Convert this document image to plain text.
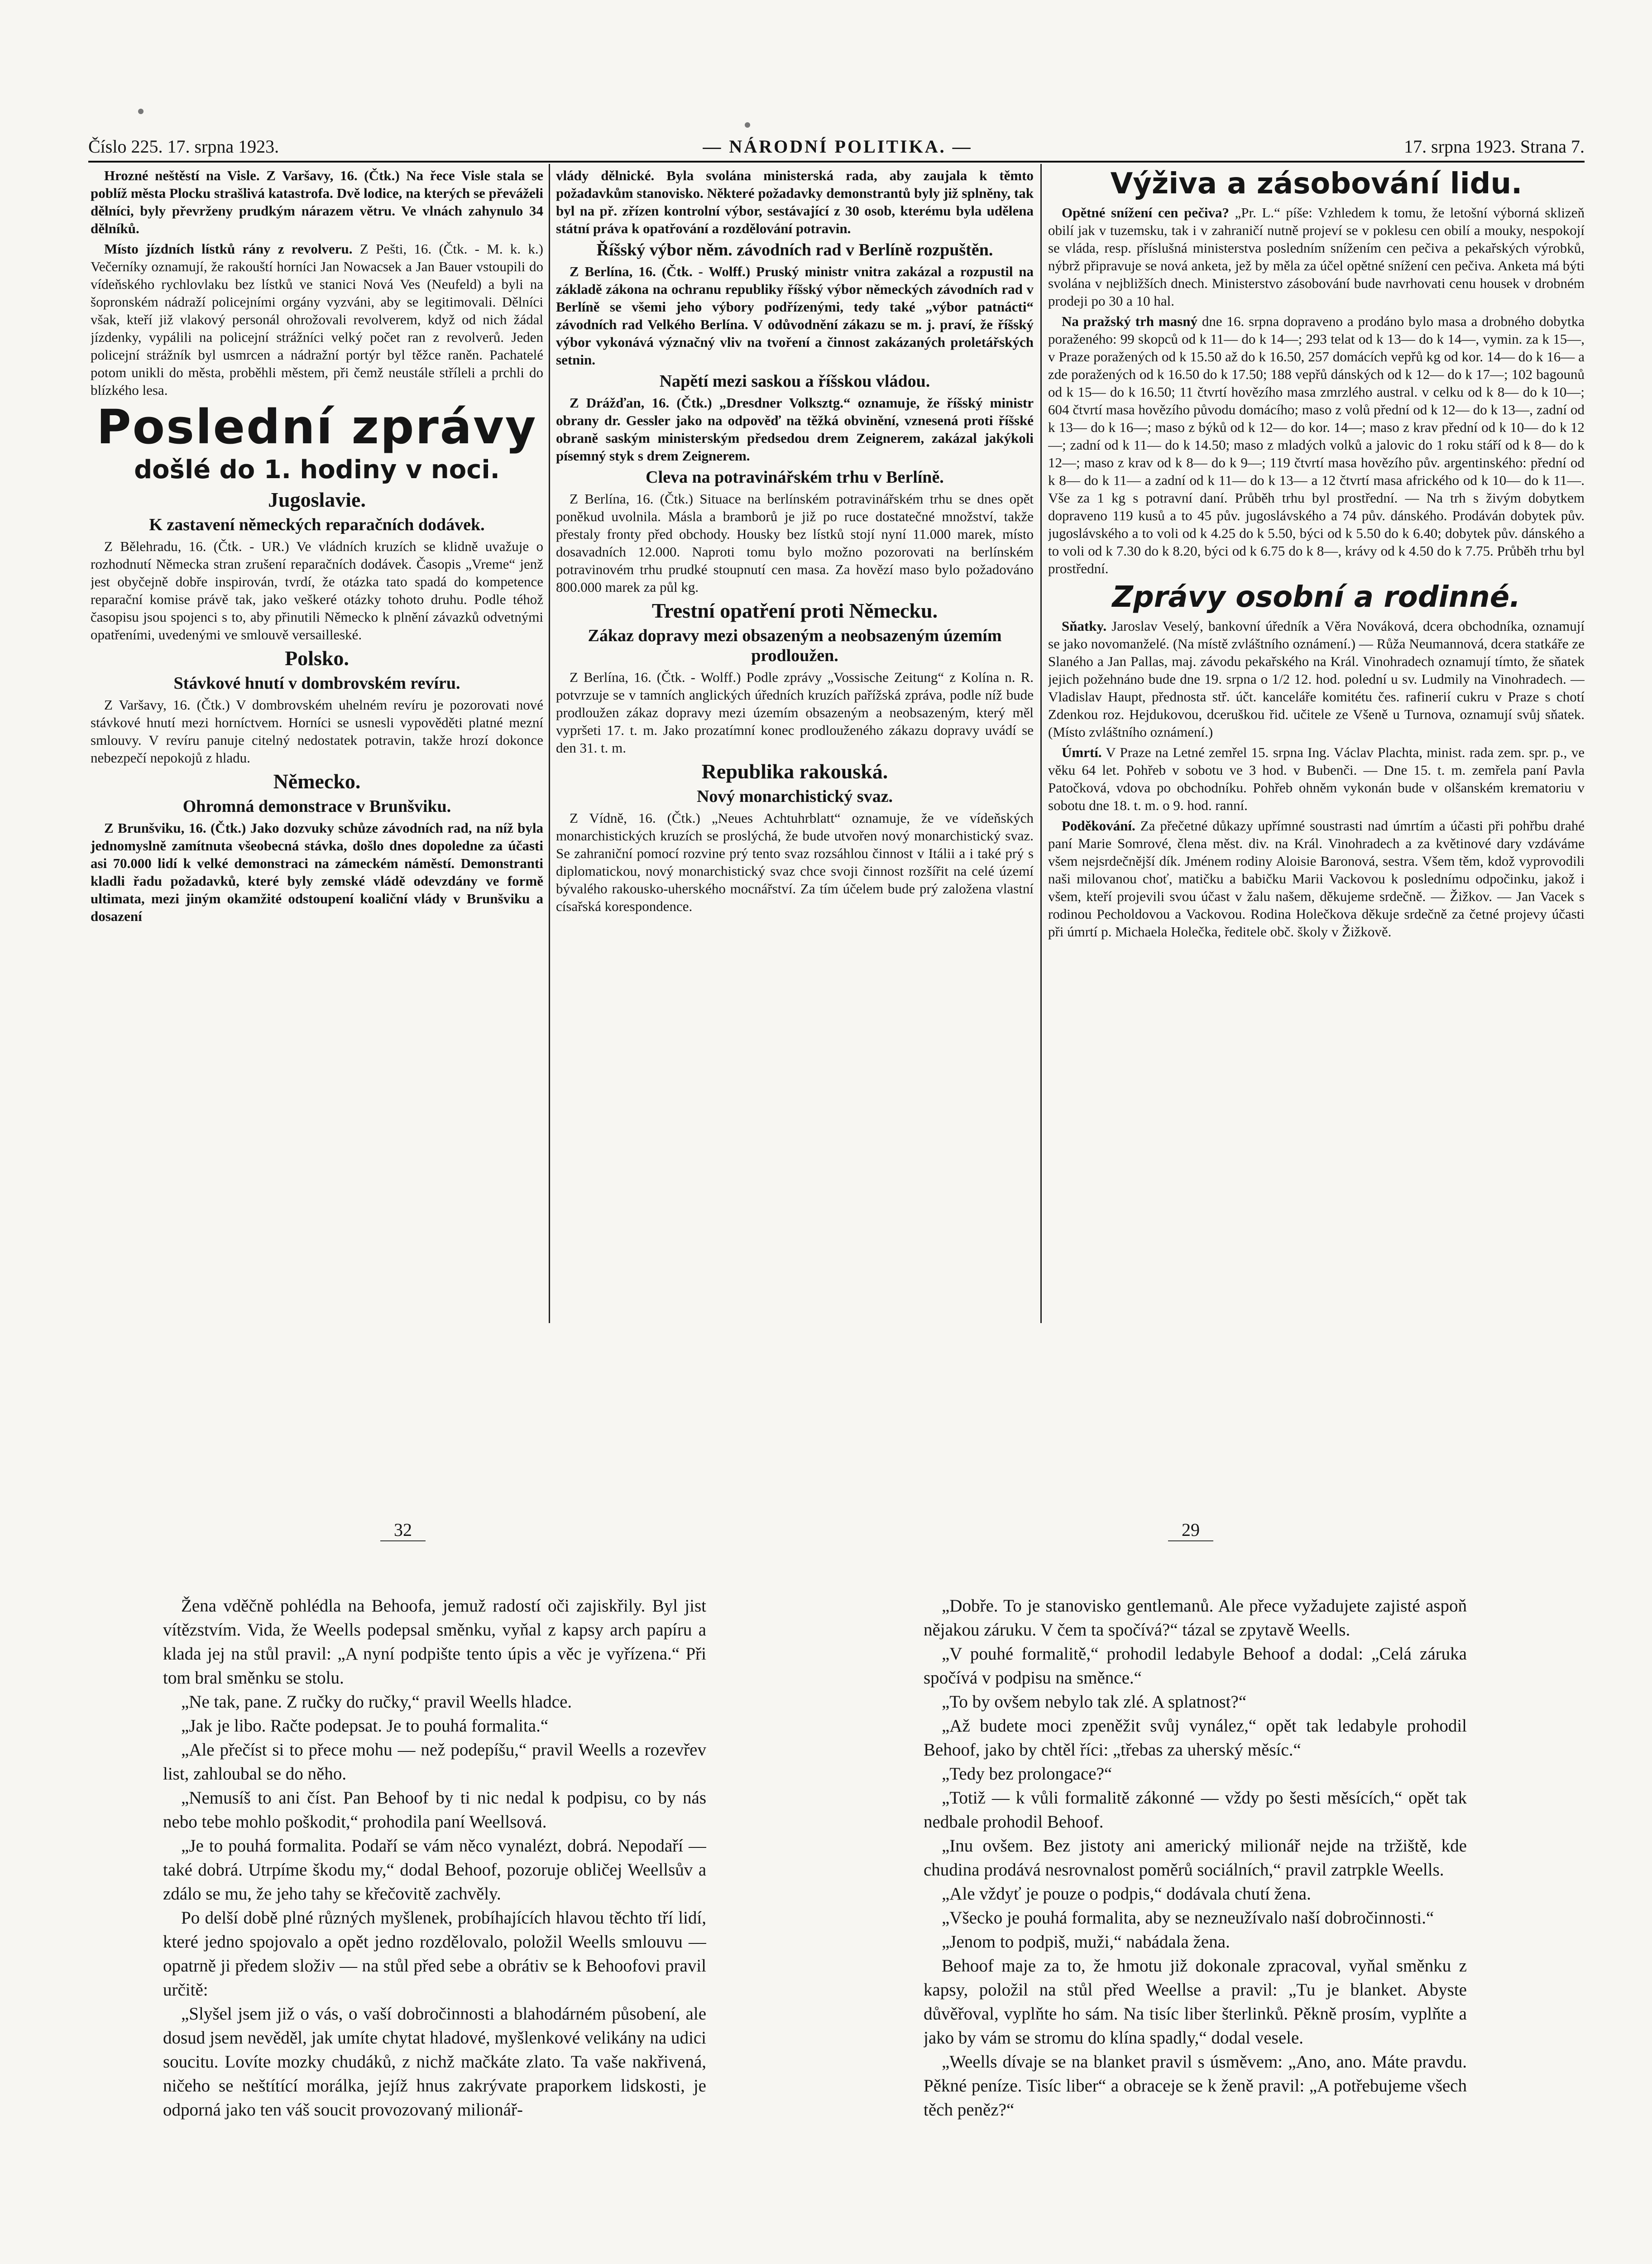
Číslo 225. 17. srpna 1923.	— NÁRODNÍ POLITIKA. —	17. srpna 1923. Strana 7.

Hrozné neštěstí na Visle. Z Varšavy, 16. (Čtk.) Na řece Visle stala se poblíž města Plocku strašlivá katastrofa. Dvě lodice, na kterých se převáželi dělníci, byly převrženy prudkým nárazem větru. Ve vlnách zahynulo 34 dělníků.

Místo jízdních lístků rány z revolveru. Z Pešti, 16. (Čtk. - M. k. k.) Večerníky oznamují, že rakouští horníci Jan Nowacsek a Jan Bauer vstoupili do vídeňského rychlovlaku bez lístků ve stanici Nová Ves (Neufeld) a byli na šopronském nádraží policejními orgány vyzváni, aby se legitimovali. Dělníci však, kteří již vlakový personál ohrožovali revolverem, když od nich žádal jízdenky, vypálili na policejní strážníci velký počet ran z revolverů. Jeden policejní strážník byl usmrcen a nádražní portýr byl těžce raněn. Pachatelé potom unikli do města, proběhli městem, při čemž neustále stříleli a prchli do blízkého lesa.

Poslední zprávy

došlé do 1. hodiny v noci.

Jugoslavie.

K zastavení německých reparačních dodávek.

Z Bělehradu, 16. (Čtk. - UR.) Ve vládních kruzích se klidně uvažuje o rozhodnutí Německa stran zrušení reparačních dodávek. Časopis „Vreme“ jenž jest obyčejně dobře inspirován, tvrdí, že otázka tato spadá do kompetence reparační komise právě tak, jako veškeré otázky tohoto druhu. Podle téhož časopisu jsou spojenci s to, aby přinutili Německo k plnění závazků odvetnými opatřeními, uvedenými ve smlouvě versailleské.

Polsko.

Stávkové hnutí v dombrovském revíru.

Z Varšavy, 16. (Čtk.) V dombrovském uhelném revíru je pozorovati nové stávkové hnutí mezi horníctvem. Horníci se usnesli vypověděti platné mezní smlouvy. V revíru panuje citelný nedostatek potravin, takže hrozí dokonce nebezpečí nepokojů z hladu.

Německo.

Ohromná demonstrace v Brunšviku.

Z Brunšviku, 16. (Čtk.) Jako dozvuky schůze závodních rad, na níž byla jednomyslně zamítnuta všeobecná stávka, došlo dnes dopoledne za účasti asi 70.000 lidí k velké demonstraci na zámeckém náměstí. Demonstranti kladli řadu požadavků, které byly zemské vládě odevzdány ve formě ultimata, mezi jiným okamžité odstoupení koaliční vlády v Brunšviku a dosazení

vlády dělnické. Byla svolána ministerská rada, aby zaujala k těmto požadavkům stanovisko. Některé požadavky demonstrantů byly již splněny, tak byl na př. zřízen kontrolní výbor, sestávající z 30 osob, kterému byla udělena státní práva k opatřování a rozdělování potravin.

Říšský výbor něm. závodních rad v Berlíně rozpuštěn.

Z Berlína, 16. (Čtk. - Wolff.) Pruský ministr vnitra zakázal a rozpustil na základě zákona na ochranu republiky říšský výbor německých závodních rad v Berlíně se všemi jeho výbory podřízenými, tedy také „výbor patnácti“ závodních rad Velkého Berlína. V odůvodnění zákazu se m. j. praví, že říšský výbor vykonává význačný vliv na tvoření a činnost zakázaných proletářských setnin.

Napětí mezi saskou a říšskou vládou.

Z Drážďan, 16. (Čtk.) „Dresdner Volksztg.“ oznamuje, že říšský ministr obrany dr. Gessler jako na odpověď na těžká obvinění, vznesená proti říšské obraně saským ministerským předsedou drem Zeignerem, zakázal jakýkoli písemný styk s drem Zeignerem.

Cleva na potravinářském trhu v Berlíně.

Z Berlína, 16. (Čtk.) Situace na berlínském potravinářském trhu se dnes opět poněkud uvolnila. Másla a bramborů je již po ruce dostatečné množství, takže přestaly fronty před obchody. Housky bez lístků stojí nyní 11.000 marek, místo dosavadních 12.000. Naproti tomu bylo možno pozorovati na berlínském potravinovém trhu prudké stoupnutí cen masa. Za hovězí maso bylo požadováno 800.000 marek za půl kg.

Trestní opatření proti Německu.

Zákaz dopravy mezi obsazeným a neobsazeným územím prodloužen.

Z Berlína, 16. (Čtk. - Wolff.) Podle zprávy „Vossische Zeitung“ z Kolína n. R. potvrzuje se v tamních anglických úředních kruzích pařížská zpráva, podle níž bude prodloužen zákaz dopravy mezi územím obsazeným a neobsazeným, který měl vypršeti 17. t. m. Jako prozatímní konec prodlouženého zákazu dopravy uvádí se den 31. t. m.

Republika rakouská.

Nový monarchistický svaz.

Z Vídně, 16. (Čtk.) „Neues Achtuhrblatt“ oznamuje, že ve vídeňských monarchistických kruzích se proslýchá, že bude utvořen nový monarchistický svaz. Se zahraniční pomocí rozvine prý tento svaz rozsáhlou činnost v Itálii a i také prý s diplomatickou, nový monarchistický svaz chce svoji činnost rozšířit na celé území bývalého rakousko-uherského mocnářství. Za tím účelem bude prý založena vlastní císařská korespondence.

Výživa a zásobování lidu.

Opětné snížení cen pečiva? „Pr. L.“ píše: Vzhledem k tomu, že letošní výborná sklizeň obilí jak v tuzemsku, tak i v zahraničí nutně projeví se v poklesu cen obilí a mouky, nespokojí se vláda, resp. příslušná ministerstva posledním snížením cen pečiva a pekařských výrobků, nýbrž připravuje se nová anketa, jež by měla za účel opětné snížení cen pečiva. Anketa má býti svolána v nejbližších dnech. Ministerstvo zásobování bude navrhovati cenu housek v drobném prodeji po 30 a 10 hal.

Na pražský trh masný dne 16. srpna dopraveno a prodáno bylo masa a drobného dobytka poraženého: 99 skopců od k 11— do k 14—; 293 telat od k 13— do k 14—, vymin. za k 15—, v Praze poražených od k 15.50 až do k 16.50, 257 domácích vepřů kg od kor. 14— do k 16— a zde poražených od k 16.50 do k 17.50; 188 vepřů dánských od k 12— do k 17—; 102 bagounů od k 15— do k 16.50; 11 čtvrtí hovězího masa zmrzlého austral. v celku od k 8— do k 10—; 604 čtvrtí masa hovězího původu domácího; maso z volů přední od k 12— do k 13—, zadní od k 13— do k 16—; maso z býků od k 12— do kor. 14—; maso z krav přední od k 10— do k 12—; zadní od k 11— do k 14.50; maso z mladých volků a jalovic do 1 roku stáří od k 8— do k 12—; maso z krav od k 8— do k 9—; 119 čtvrtí masa hovězího pův. argentinského: přední od k 8— do k 11— a zadní od k 11— do k 13— a 12 čtvrtí masa afrického od k 10— do k 11—. Vše za 1 kg s potravní daní. Průběh trhu byl prostřední. — Na trh s živým dobytkem dopraveno 119 kusů a to 45 pův. jugoslávského a 74 pův. dánského. Prodáván dobytek pův. jugoslávského a to voli od k 4.25 do k 5.50, býci od k 5.50 do k 6.40; dobytek pův. dánského a to voli od k 7.30 do k 8.20, býci od k 6.75 do k 8—, krávy od k 4.50 do k 7.75. Průběh trhu byl prostřední.

Zprávy osobní a rodinné.

Sňatky. Jaroslav Veselý, bankovní úředník a Věra Nováková, dcera obchodníka, oznamují se jako novomanželé. (Na místě zvláštního oznámení.) — Růža Neumannová, dcera statkáře ze Slaného a Jan Pallas, maj. závodu pekařského na Král. Vinohradech oznamují tímto, že sňatek jejich požehnáno bude dne 19. srpna o 1/2 12. hod. polední u sv. Ludmily na Vinohradech. — Vladislav Haupt, přednosta stř. účt. kanceláře komitétu čes. rafinerií cukru v Praze s chotí Zdenkou roz. Hejdukovou, dceruškou řid. učitele ze Všeně u Turnova, oznamují svůj sňatek. (Místo zvláštního oznámení.)

Úmrtí. V Praze na Letné zemřel 15. srpna Ing. Václav Plachta, minist. rada zem. spr. p., ve věku 64 let. Pohřeb v sobotu ve 3 hod. v Bubenči. — Dne 15. t. m. zemřela paní Pavla Patočková, vdova po obchodníku. Pohřeb ohněm vykonán bude v olšanském krematoriu v sobotu dne 18. t. m. o 9. hod. ranní.

Poděkování. Za přečetné důkazy upřímné soustrasti nad úmrtím a účasti při pohřbu drahé paní Marie Somrové, člena měst. div. na Král. Vinohradech a za květinové dary vzdáváme všem nejsrdečnější dík. Jménem rodiny Aloisie Baronová, sestra. Všem těm, kdož vyprovodili naši milovanou choť, matičku a babičku Marii Vackovou k poslednímu odpočinku, jakož i všem, kteří projevili svou účast v žalu našem, děkujeme srdečně. — Žižkov. — Jan Vacek s rodinou Pecholdovou a Vackovou. Rodina Holečkova děkuje srdečně za četné projevy účasti při úmrtí p. Michaela Holečka, ředitele obč. školy v Žižkově.

32	29

Žena vděčně pohlédla na Behoofa, jemuž radostí oči zajiskřily. Byl jist vítězstvím. Vida, že Weells podepsal směnku, vyňal z kapsy arch papíru a klada jej na stůl pravil: „A nyní podpište tento úpis a věc je vyřízena.“ Při tom bral směnku se stolu.

„Ne tak, pane. Z ručky do ručky,“ pravil Weells hladce.

„Jak je libo. Račte podepsat. Je to pouhá formalita.“

„Ale přečíst si to přece mohu — než podepíšu,“ pravil Weells a rozevřev list, zahloubal se do něho.

„Nemusíš to ani číst. Pan Behoof by ti nic nedal k podpisu, co by nás nebo tebe mohlo poškodit,“ prohodila paní Weellsová.

„Je to pouhá formalita. Podaří se vám něco vynalézt, dobrá. Nepodaří — také dobrá. Utrpíme škodu my,“ dodal Behoof, pozoruje obličej Weellsův a zdálo se mu, že jeho tahy se křečovitě zachvěly.

Po delší době plné různých myšlenek, probíhajících hlavou těchto tří lidí, které jedno spojovalo a opět jedno rozdělovalo, položil Weells smlouvu — opatrně ji předem složiv — na stůl před sebe a obrátiv se k Behoofovi pravil určitě:

„Slyšel jsem již o vás, o vaší dobročinnosti a blahodárném působení, ale dosud jsem nevěděl, jak umíte chytat hladové, myšlenkové velikány na udici soucitu. Lovíte mozky chudáků, z nichž mačkáte zlato. Ta vaše nakřivená, ničeho se neštítící morálka, jejíž hnus zakrývate praporkem lidskosti, je odporná jako ten váš soucit provozovaný milionář-

„Dobře. To je stanovisko gentlemanů. Ale přece vyžadujete zajisté aspoň nějakou záruku. V čem ta spočívá?“ tázal se zpytavě Weells.

„V pouhé formalitě,“ prohodil ledabyle Behoof a dodal: „Celá záruka spočívá v podpisu na směnce.“

„To by ovšem nebylo tak zlé. A splatnost?“

„Až budete moci zpeněžit svůj vynález,“ opět tak ledabyle prohodil Behoof, jako by chtěl říci: „třebas za uherský měsíc.“

„Tedy bez prolongace?“

„Totiž — k vůli formalitě zákonné — vždy po šesti měsících,“ opět tak nedbale prohodil Behoof.

„Inu ovšem. Bez jistoty ani americký milionář nejde na tržiště, kde chudina prodává nesrovnalost poměrů sociálních,“ pravil zatrpkle Weells.

„Ale vždyť je pouze o podpis,“ dodávala chutí žena.

„Všecko je pouhá formalita, aby se nezneužívalo naší dobročinnosti.“

„Jenom to podpiš, muži,“ nabádala žena.

Behoof maje za to, že hmotu již dokonale zpracoval, vyňal směnku z kapsy, položil na stůl před Weellse a pravil: „Tu je blanket. Abyste důvěřoval, vyplňte ho sám. Na tisíc liber šterlinků. Pěkně prosím, vyplňte a jako by vám se stromu do klína spadly,“ dodal vesele.

„Weells dívaje se na blanket pravil s úsměvem: „Ano, ano. Máte pravdu. Pěkné peníze. Tisíc liber“ a obraceje se k ženě pravil: „A potřebujeme všech těch peněz?“
